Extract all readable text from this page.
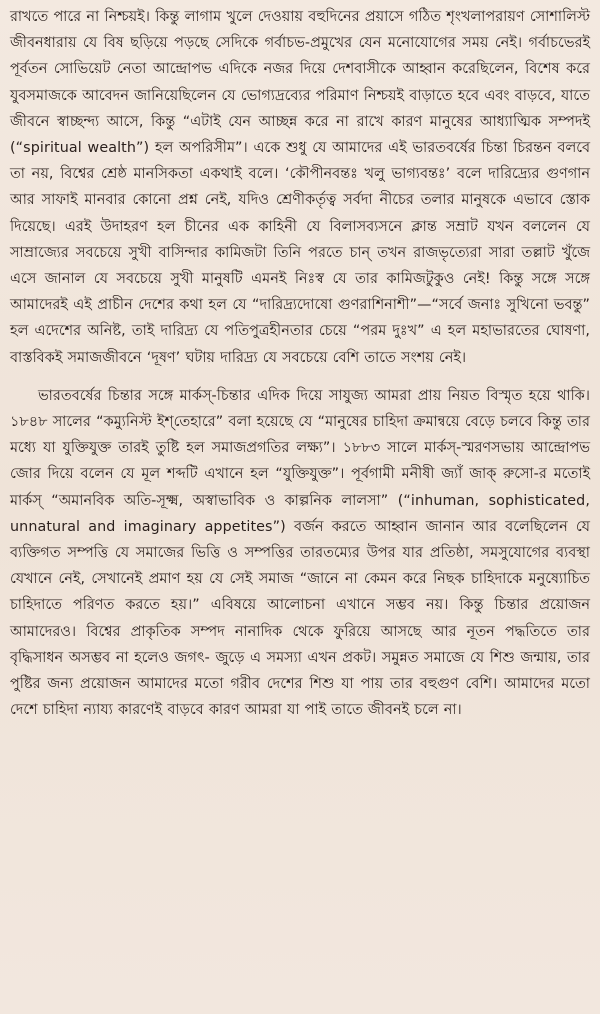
রাখতে পারে না নিশ্চয়ই। কিন্তু লাগাম খুলে দেওয়ায় বহুদিনের প্রয়াসে গঠিত শৃংখলাপরায়ণ সোশালিস্ট জীবনধারায় যে বিষ ছড়িয়ে পড়ছে সেদিকে গর্বাচভ-প্রমুখের যেন মনোযোগের সময় নেই। গর্বাচভেরই পূর্বতন সোভিয়েট নেতা আন্দ্রোপভ এদিকে নজর দিয়ে দেশবাসীকে আহ্বান করেছিলেন, বিশেষ করে যুবসমাজকে আবেদন জানিয়েছিলেন যে ভোগ্যদ্রব্যের পরিমাণ নিশ্চয়ই বাড়াতে হবে এবং বাড়বে, যাতে জীবনে স্বাচ্ছন্দ্য আসে, কিন্তু “এটাই যেন আচ্ছন্ন করে না রাখে কারণ মানুষের আধ্যাত্মিক সম্পদই (“spiritual wealth”) হল অপরিসীম”। একে শুধু যে আমাদের এই ভারতবর্ষের চিন্তা চিরন্তন বলবে তা নয়, বিশ্বের শ্রেষ্ঠ মানসিকতা একথাই বলে। ‘কৌপীনবন্তঃ খলু ভাগ্যবন্তঃ’ বলে দারিদ্র্যের গুণগান আর সাফাই মানবার কোনো প্রশ্ন নেই, যদিও শ্রেণীকর্তৃত্ব সর্বদা নীচের তলার মানুষকে এভাবে স্তোক দিয়েছে। এরই উদাহরণ হল চীনের এক কাহিনী যে বিলাসব্যসনে ক্লান্ত সম্রাট যখন বললেন যে সাম্রাজ্যের সবচেয়ে সুখী বাসিন্দার কামিজটা তিনি পরতে চান্ তখন রাজভৃত্যেরা সারা তল্লাট খুঁজে এসে জানাল যে সবচেয়ে সুখী মানুষটি এমনই নিঃস্ব যে তার কামিজটুকুও নেই! কিন্তু সঙ্গে সঙ্গে আমাদেরই এই প্রাচীন দেশের কথা হল যে “দারিদ্র্যদোষো গুণরাশিনাশী”—“সর্বে জনাঃ সুখিনো ভবন্তু” হল এদেশের অনিষ্ট, তাই দারিদ্র্য যে পতিপুত্রহীনতার চেয়ে “পরম দুঃখ” এ হল মহাভারতের ঘোষণা, বাস্তবিকই সমাজজীবনে ‘দূষণ’ ঘটায় দারিদ্র্য যে সবচেয়ে বেশি তাতে সংশয় নেই।

ভারতবর্ষের চিন্তার সঙ্গে মার্কস্-চিন্তার এদিক দিয়ে সাযুজ্য আমরা প্রায় নিয়ত বিস্মৃত হয়ে থাকি। ১৮৪৮ সালের “কম্যুনিস্ট ইশ্‌তেহারে” বলা হয়েছে যে “মানুষের চাহিদা ক্রমান্বয়ে বেড়ে চলবে কিন্তু তার মধ্যে যা যুক্তিযুক্ত তারই তুষ্টি হল সমাজপ্রগতির লক্ষ্য”। ১৮৮৩ সালে মার্কস্-স্মরণসভায় আন্দ্রোপভ জোর দিয়ে বলেন যে মূল শব্দটি এখানে হল “যুক্তিযুক্ত”। পূর্বগামী মনীষী জ্যাঁ জাক্ রুসো-র মতোই মার্কস্ “অমানবিক অতি-সূক্ষ্ম, অস্বাভাবিক ও কাল্পনিক লালসা” (“inhuman, sophisticated, unnatural and imaginary appetites”) বর্জন করতে আহ্বান জানান আর বলেছিলেন যে ব্যক্তিগত সম্পত্তি যে সমাজের ভিত্তি ও সম্পত্তির তারতম্যের উপর যার প্রতিষ্ঠা, সমসুযোগের ব্যবস্থা যেখানে নেই, সেখানেই প্রমাণ হয় যে সেই সমাজ “জানে না কেমন করে নিছক চাহিদাকে মনুষ্যোচিত চাহিদাতে পরিণত করতে হয়।” এবিষয়ে আলোচনা এখানে সম্ভব নয়। কিন্তু চিন্তার প্রয়োজন আমাদেরও। বিশ্বের প্রাকৃতিক সম্পদ নানাদিক থেকে ফুরিয়ে আসছে আর নূতন পদ্ধতিতে তার বৃদ্ধিসাধন অসম্ভব না হলেও জগৎ- জুড়ে এ সমস্যা এখন প্রকট। সমুন্নত সমাজে যে শিশু জন্মায়, তার পুষ্টির জন্য প্রয়োজন আমাদের মতো গরীব দেশের শিশু যা পায় তার বহুগুণ বেশি। আমাদের মতো দেশে চাহিদা ন্যায্য কারণেই বাড়বে কারণ আমরা যা পাই তাতে জীবনই চলে না।
